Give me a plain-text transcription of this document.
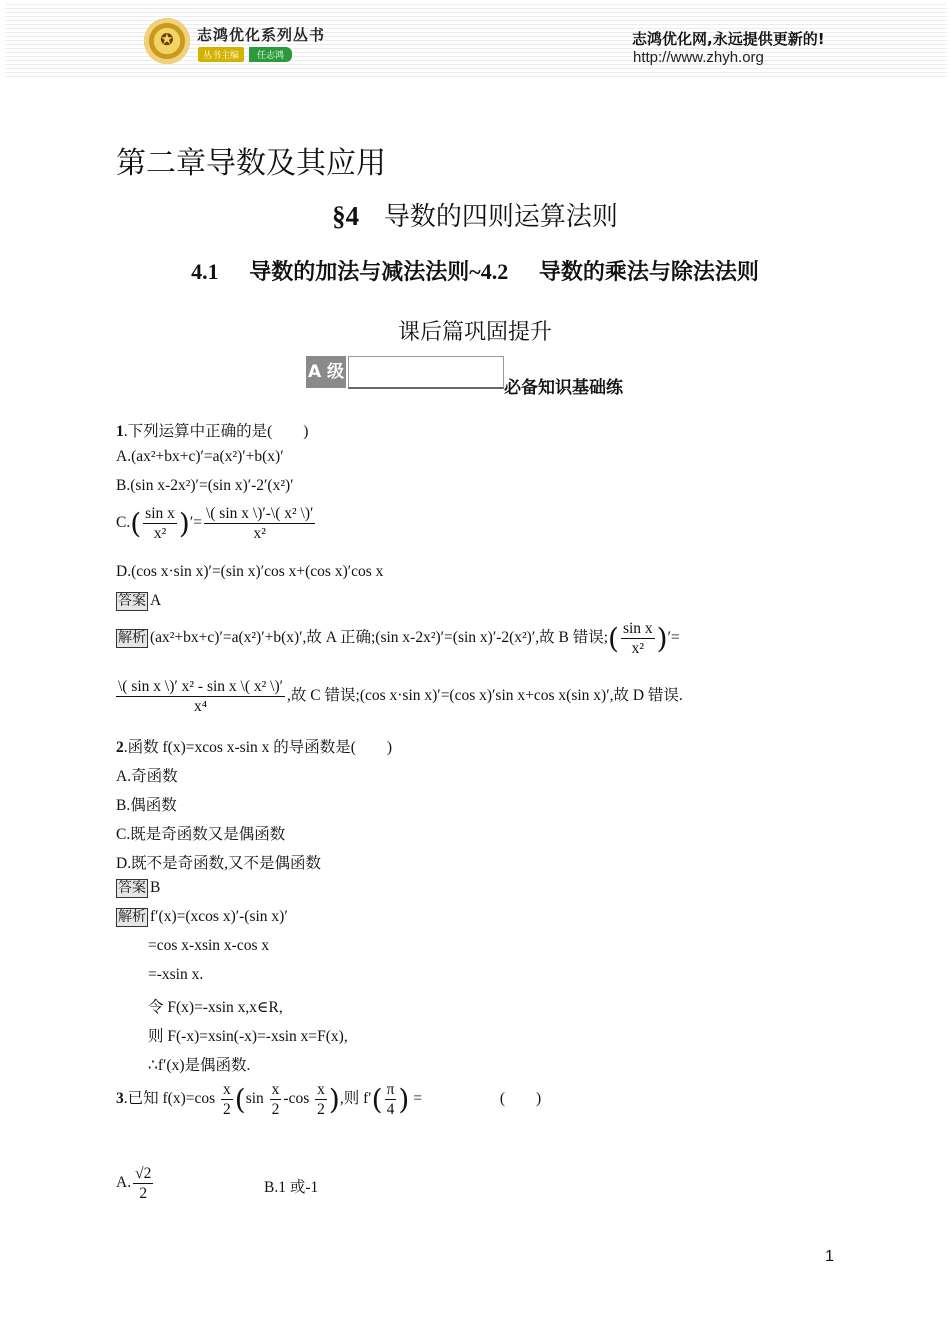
✪ 志鸿优化系列丛书
丛书主编	任志鸿
志鸿优化网,永远提供更新的!
http://www.zhyh.org
第二章导数及其应用
§4 导数的四则运算法则
4.1 导数的加法与减法法则~4.2 导数的乘法与除法法则
课后篇巩固提升
A 级
必备知识基础练
1.下列运算中正确的是(　　)
A.(ax²+bx+c)′=a(x²)′+b(x)′
B.(sin x-2x²)′=(sin x)′-2′(x²)′
$C.( \frac{\text{sin x}}{\text{x²}}$ )′= $\frac{\text{\textbackslash{}( sin x \textbackslash{})′-\textbackslash{}( x² \textbackslash{})′}}{\text{x²}}$
D.(cos x·sin x)′=(sin x)′cos x+(cos x)′cos x
答案 A
解析 (ax²+bx+c)′=a(x²)′+b(x)′,故 A 正确;(sin x-2x²)′=(sin x)′-2(x²)′,故 B 错误;( $\frac{\text{sin x}}{\text{x²}}$ )′=
$\frac{\text{\textbackslash{}( sin x \textbackslash{})′ x² - sin x \textbackslash{}( x² \textbackslash{})′}}{\text{x⁴}}$ ,故 C 错误;(cos x·sin x)′=(cos x)′sin x+cos x(sin x)′,故 D 错误.
2.函数 f(x)=xcos x-sin x 的导函数是(　　)
A.奇函数
B.偶函数
C.既是奇函数又是偶函数
D.既不是奇函数,又不是偶函数
答案 B
解析 f′(x)=(xcos x)′-(sin x)′
=cos x-xsin x-cos x
=-xsin x.
令 F(x)=-xsin x,x∈R,
则 F(-x)=xsin(-x)=-xsin x=F(x),
∴f′(x)是偶函数.
3.已知 $f(x)=\cos \frac{x}{2} (\sin \frac{x}{2} -\cos \frac{x}{2}$ ),则 $f'( \frac{\pi}{4}$ ) =	(　　)
A. $\frac{√2}{2}$	B.1 或-1
1
